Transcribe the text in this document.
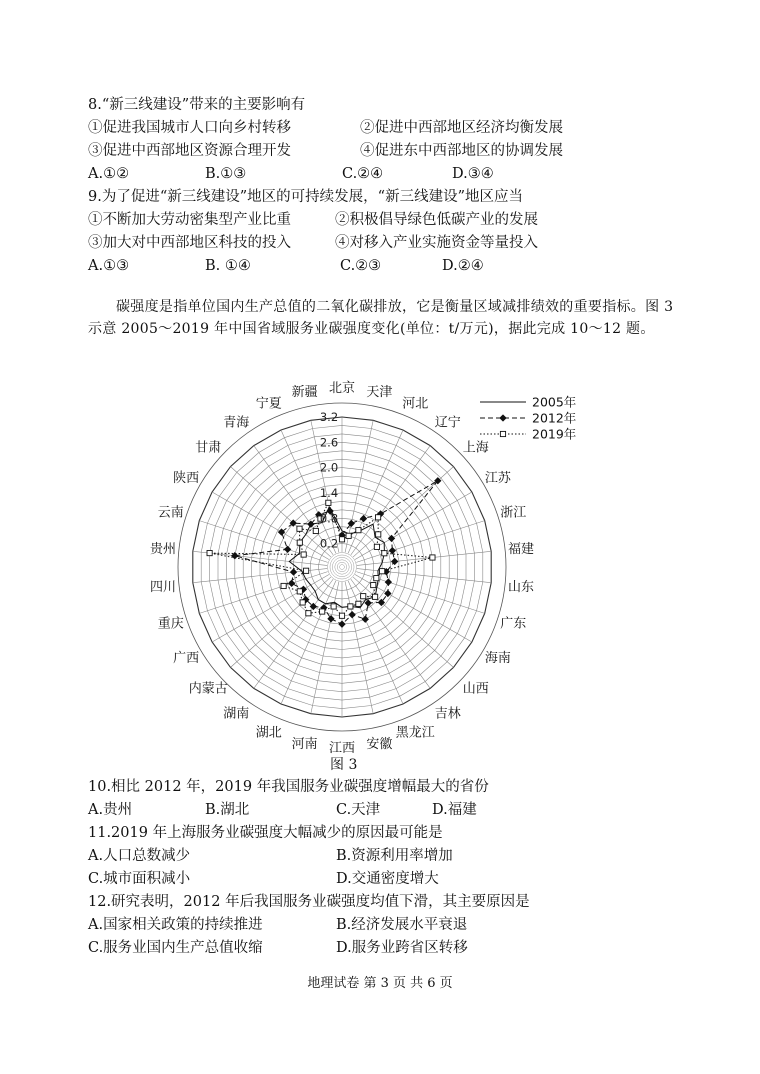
8.“新三线建设”带来的主要影响有
①促进我国城市人口向乡村转移	②促进中西部地区经济均衡发展
③促进中西部地区资源合理开发	④促进东中西部地区的协调发展
A.①②	B.①③	C.②④	D.③④
9.为了促进“新三线建设”地区的可持续发展，“新三线建设”地区应当
①不断加大劳动密集型产业比重	②积极倡导绿色低碳产业的发展
③加大对中西部地区科技的投入	④对移入产业实施资金等量投入
A.①③	B. ①④	C.②③	D.②④
碳强度是指单位国内生产总值的二氧化碳排放，它是衡量区域减排绩效的重要指标。图 3 示意 2005～2019 年中国省域服务业碳强度变化(单位：t/万元)，据此完成 10～12 题。
北京 天津
河北
辽宁
上海
江苏
浙江
福建
山东
广东
海南
山西
吉林
黑龙江
安徽
江西
河南
湖北
湖南
内蒙古
广西
重庆
四川
贵州
云南
陕西
甘肃
青海
宁夏
新疆
0.2
0.8
1.4
2.0
2.6
3.2
2005年
2012年
2019年
图 3
10.相比 2012 年，2019 年我国服务业碳强度增幅最大的省份
A.贵州	B.湖北	C.天津	D.福建
11.2019 年上海服务业碳强度大幅减少的原因最可能是
A.人口总数减少	B.资源利用率增加
C.城市面积减小	D.交通密度增大
12.研究表明，2012 年后我国服务业碳强度均值下滑，其主要原因是
A.国家相关政策的持续推进	B.经济发展水平衰退
C.服务业国内生产总值收缩	D.服务业跨省区转移
地理试卷 第 3 页 共 6 页
